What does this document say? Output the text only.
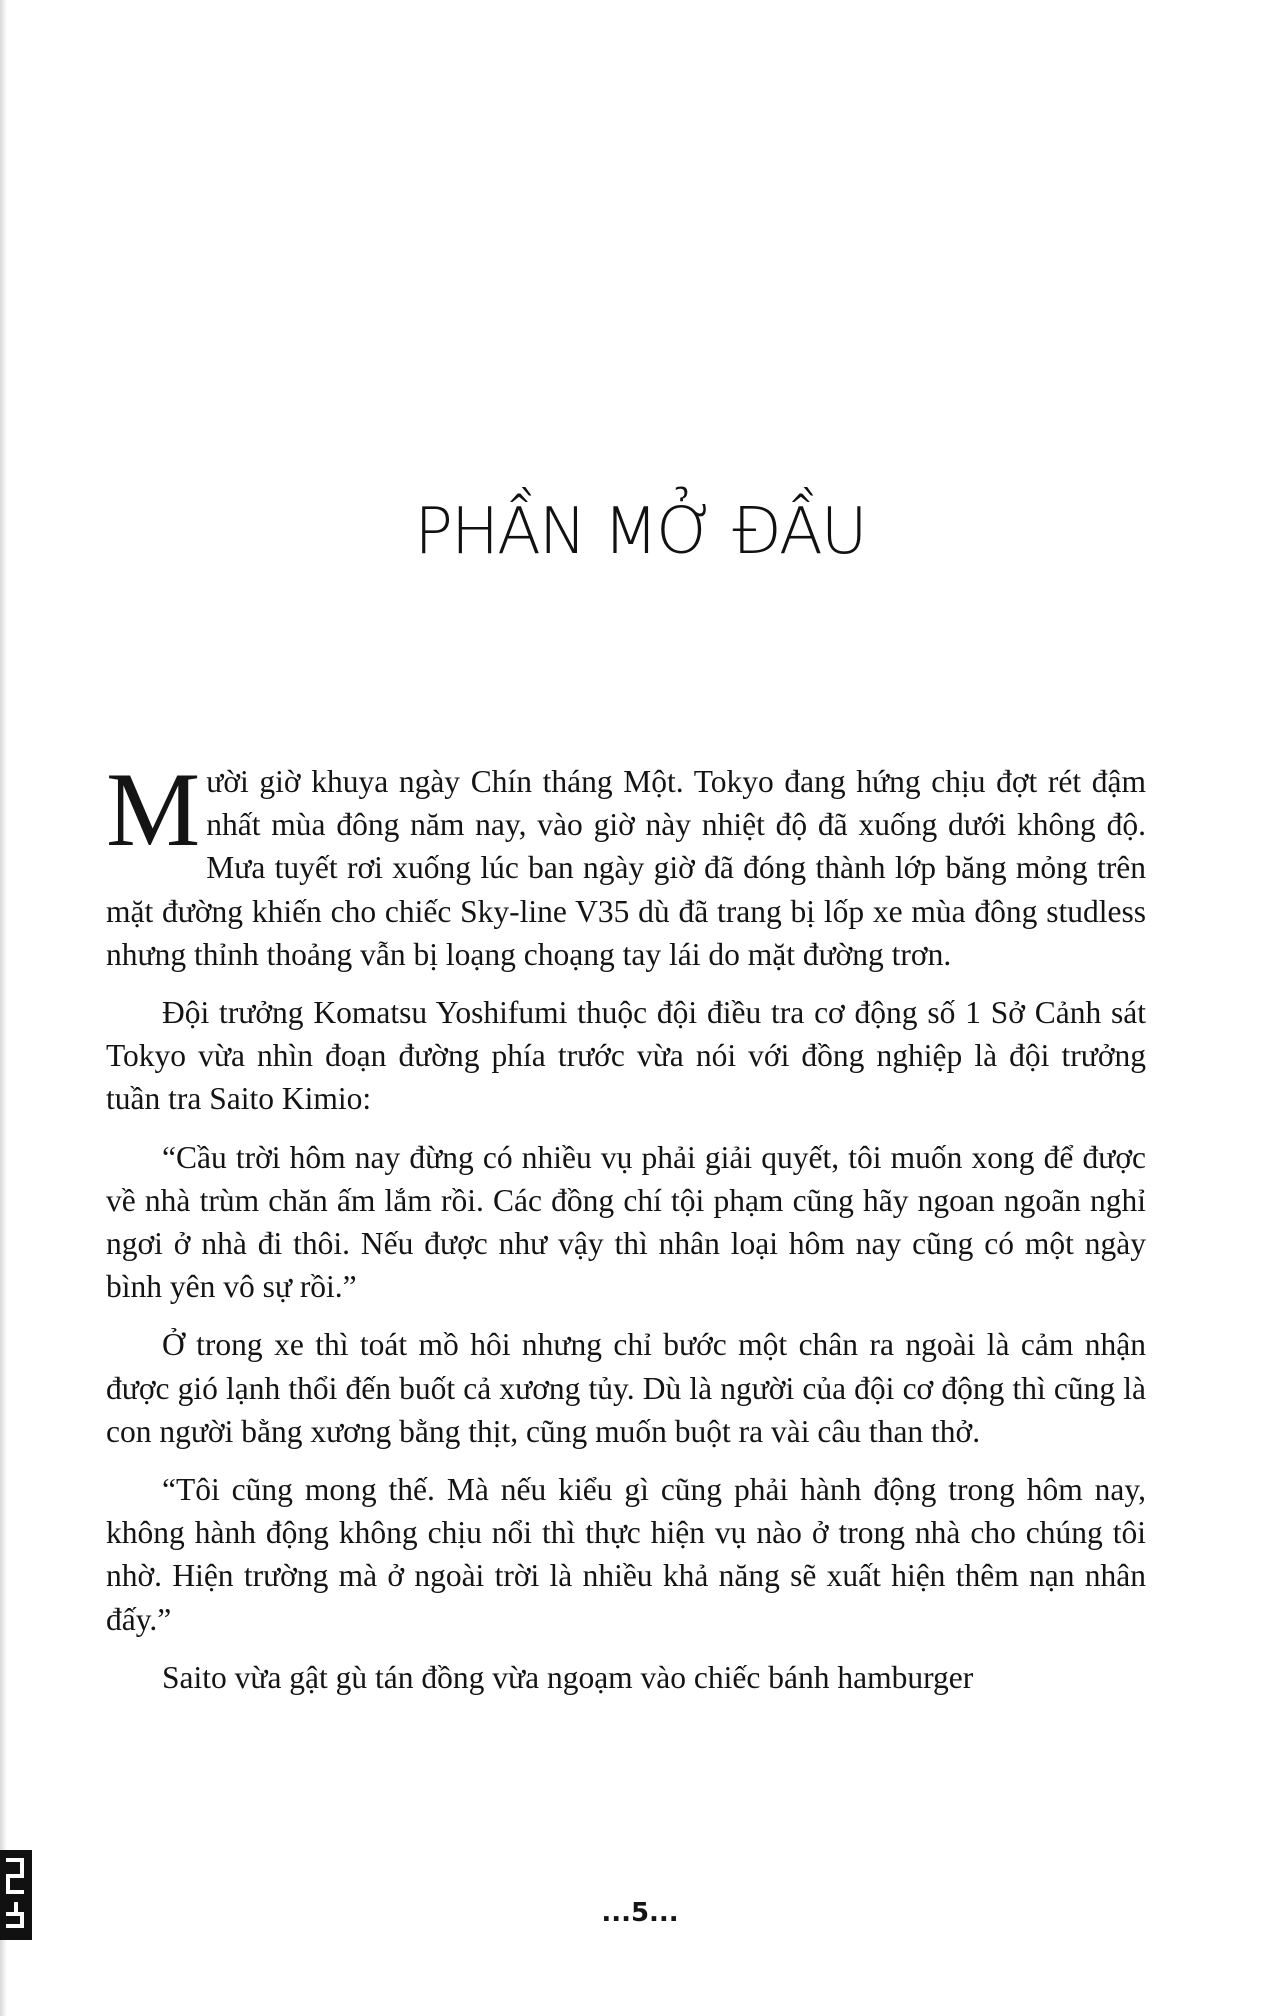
PHẦN MỞ ĐẦU

Mười giờ khuya ngày Chín tháng Một. Tokyo đang hứng chịu đợt rét đậm nhất mùa đông năm nay, vào giờ này nhiệt độ đã xuống dưới không độ. Mưa tuyết rơi xuống lúc ban ngày giờ đã đóng thành lớp băng mỏng trên mặt đường khiến cho chiếc Sky-line V35 dù đã trang bị lốp xe mùa đông studless nhưng thỉnh thoảng vẫn bị loạng choạng tay lái do mặt đường trơn.

Đội trưởng Komatsu Yoshifumi thuộc đội điều tra cơ động số 1 Sở Cảnh sát Tokyo vừa nhìn đoạn đường phía trước vừa nói với đồng nghiệp là đội trưởng tuần tra Saito Kimio:

“Cầu trời hôm nay đừng có nhiều vụ phải giải quyết, tôi muốn xong để được về nhà trùm chăn ấm lắm rồi. Các đồng chí tội phạm cũng hãy ngoan ngoãn nghỉ ngơi ở nhà đi thôi. Nếu được như vậy thì nhân loại hôm nay cũng có một ngày bình yên vô sự rồi.”

Ở trong xe thì toát mồ hôi nhưng chỉ bước một chân ra ngoài là cảm nhận được gió lạnh thổi đến buốt cả xương tủy. Dù là người của đội cơ động thì cũng là con người bằng xương bằng thịt, cũng muốn buột ra vài câu than thở.

“Tôi cũng mong thế. Mà nếu kiểu gì cũng phải hành động trong hôm nay, không hành động không chịu nổi thì thực hiện vụ nào ở trong nhà cho chúng tôi nhờ. Hiện trường mà ở ngoài trời là nhiều khả năng sẽ xuất hiện thêm nạn nhân đấy.”

Saito vừa gật gù tán đồng vừa ngoạm vào chiếc bánh hamburger

...5...
